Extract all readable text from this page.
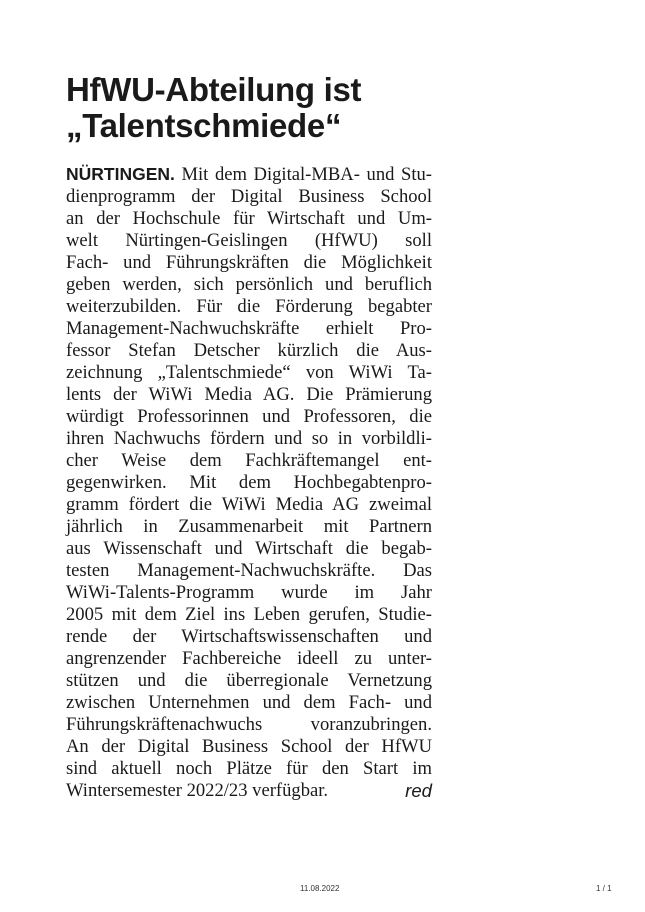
HfWU-Abteilung ist
„Talentschmiede“
NÜRTINGEN. Mit dem Digital-MBA- und Stu-
dienprogramm der Digital Business School
an der Hochschule für Wirtschaft und Um-
welt Nürtingen-Geislingen (HfWU) soll
Fach- und Führungskräften die Möglichkeit
geben werden, sich persönlich und beruflich
weiterzubilden. Für die Förderung begabter
Management-Nachwuchskräfte erhielt Pro-
fessor Stefan Detscher kürzlich die Aus-
zeichnung „Talentschmiede“ von WiWi Ta-
lents der WiWi Media AG. Die Prämierung
würdigt Professorinnen und Professoren, die
ihren Nachwuchs fördern und so in vorbildli-
cher Weise dem Fachkräftemangel ent-
gegenwirken. Mit dem Hochbegabtenpro-
gramm fördert die WiWi Media AG zweimal
jährlich in Zusammenarbeit mit Partnern
aus Wissenschaft und Wirtschaft die begab-
testen Management-Nachwuchskräfte. Das
WiWi-Talents-Programm wurde im Jahr
2005 mit dem Ziel ins Leben gerufen, Studie-
rende der Wirtschaftswissenschaften und
angrenzender Fachbereiche ideell zu unter-
stützen und die überregionale Vernetzung
zwischen Unternehmen und dem Fach- und
Führungskräftenachwuchs voranzubringen.
An der Digital Business School der HfWU
sind aktuell noch Plätze für den Start im
Wintersemester 2022/23 verfügbar.	red
11.08.2022	1 / 1
